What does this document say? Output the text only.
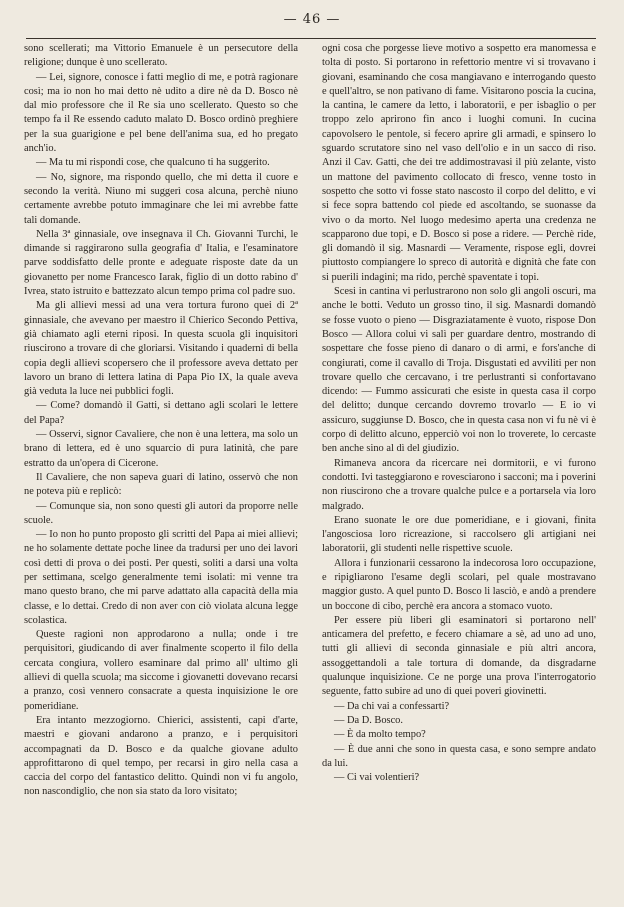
— 46 —

sono scellerati; ma Vittorio Emanuele è un persecutore della religione; dunque è uno scellerato.

— Lei, signore, conosce i fatti meglio di me, e potrà ragionare così; ma io non ho mai detto nè udito a dire nè da D. Bosco nè dal mio professore che il Re sia uno scellerato. Questo so che tempo fa il Re essendo caduto malato D. Bosco ordinò preghiere per la sua guarigione e pel bene dell'anima sua, ed ho pregato anch'io.

— Ma tu mi rispondi cose, che qualcuno ti ha suggerito.

— No, signore, ma rispondo quello, che mi detta il cuore e secondo la verità. Niuno mi suggerì cosa alcuna, perchè niuno certamente avrebbe potuto immaginare che lei mi avrebbe fatte tali domande.

Nella 3ª ginnasiale, ove insegnava il Ch. Giovanni Turchi, le dimande si raggirarono sulla geografia d' Italia, e l'esaminatore parve soddisfatto delle pronte e adeguate risposte date da un giovanetto per nome Francesco Iarak, figlio di un dotto rabino d' Ivrea, stato istruito e battezzato alcun tempo prima col padre suo.

Ma gli allievi messi ad una vera tortura furono quei di 2ª ginnasiale, che avevano per maestro il Chierico Secondo Pettiva, già chiamato agli eterni riposi. In questa scuola gli inquisitori riuscirono a trovare di che gloriarsi. Visitando i quaderni di bella copia degli allievi scopersero che il professore aveva dettato per lavoro un brano di lettera latina di Papa Pio IX, la quale aveva già veduta la luce nei pubblici fogli.

— Come? domandò il Gatti, si dettano agli scolari le lettere del Papa?

— Osservi, signor Cavaliere, che non è una lettera, ma solo un brano di lettera, ed è uno squarcio di pura latinità, che pare estratto da un'opera di Cicerone.

Il Cavaliere, che non sapeva guari di latino, osservò che non ne poteva più e replicò:

— Comunque sia, non sono questi gli autori da proporre nelle scuole.

— Io non ho punto proposto gli scritti del Papa ai miei allievi; ne ho solamente dettate poche linee da tradursi per uno dei lavori così detti di prova o dei posti. Per questi, soliti a darsi una volta per settimana, scelgo generalmente temi isolati: mi venne tra mano questo brano, che mi parve adattato alla capacità della mia classe, e lo dettai. Credo di non aver con ciò violata alcuna legge scolastica.

Queste ragioni non approdarono a nulla; onde i tre perquisitori, giudicando di aver finalmente scoperto il filo della cercata congiura, vollero esaminare dal primo all' ultimo gli allievi di quella scuola; ma siccome i giovanetti dovevano recarsi a pranzo, così vennero consacrate a questa inquisizione le ore pomeridiane.

Era intanto mezzogiorno. Chierici, assistenti, capi d'arte, maestri e giovani andarono a pranzo, e i perquisitori accompagnati da D. Bosco e da qualche giovane adulto approfittarono di quel tempo, per recarsi in giro nella casa a caccia del corpo del fantastico delitto. Quindi non vi fu angolo, non nascondiglio, che non sia stato da loro visitato;

ogni cosa che porgesse lieve motivo a sospetto era manomessa e tolta di posto. Si portarono in refettorio mentre vi si trovavano i giovani, esaminando che cosa mangiavano e interrogando questo e quell'altro, se non pativano di fame. Visitarono poscia la cucina, la cantina, le camere da letto, i laboratorii, e per isbaglio o per troppo zelo aprirono fin anco i luoghi comuni. In cucina capovolsero le pentole, si fecero aprire gli armadi, e spinsero lo sguardo scrutatore sino nel vaso dell'olio e in un sacco di riso. Anzi il Cav. Gatti, che dei tre addimostravasi il più zelante, visto un mattone del pavimento collocato di fresco, venne tosto in sospetto che sotto vi fosse stato nascosto il corpo del delitto, e vi si fece sopra battendo col piede ed ascoltando, se suonasse da vivo o da morto. Nel luogo medesimo aperta una credenza ne scapparono due topi, e D. Bosco si pose a ridere. — Perchè ride, gli domandò il sig. Masnardi — Veramente, rispose egli, dovrei piuttosto compiangere lo spreco di autorità e dignità che fate con si puerili indagini; ma rido, perchè spaventate i topi.

Scesi in cantina vi perlustrarono non solo gli angoli oscuri, ma anche le botti. Veduto un grosso tino, il sig. Masnardi domandò se fosse vuoto o pieno — Disgraziatamente è vuoto, rispose Don Bosco — Allora colui vi salì per guardare dentro, mostrando di sospettare che fosse pieno di danaro o di armi, e fors'anche di congiurati, come il cavallo di Troja. Disgustati ed avviliti per non trovare quello che cercavano, i tre perlustranti si confortavano dicendo: — Fummo assicurati che esiste in questa casa il corpo del delitto; dunque cercando dovremo trovarlo — E io vi assicuro, suggiunse D. Bosco, che in questa casa non vi fu nè vi è corpo di delitto alcuno, epperciò voi non lo troverete, lo cercaste ben anche sino al dì del giudizio.

Rimaneva ancora da ricercare nei dormitorii, e vi furono condotti. Ivi tasteggiarono e rovesciarono i sacconi; ma i poverini non riuscirono che a trovare qualche pulce e a portarsela via loro malgrado.

Erano suonate le ore due pomeridiane, e i giovani, finita l'angosciosa loro ricreazione, si raccolsero gli artigiani nei laboratorii, gli studenti nelle rispettive scuole.

Allora i funzionarii cessarono la indecorosa loro occupazione, e ripigliarono l'esame degli scolari, pel quale mostravano maggior gusto. A quel punto D. Bosco li lasciò, e andò a prendere un boccone di cibo, perchè era ancora a stomaco vuoto.

Per essere più liberi gli esaminatori si portarono nell' anticamera del prefetto, e fecero chiamare a sè, ad uno ad uno, tutti gli allievi di seconda ginnasiale e più altri ancora, assoggettandoli a tale tortura di domande, da disgradarne qualunque inquisizione. Ce ne porge una prova l'interrogatorio seguente, fatto subire ad uno di quei poveri giovinetti.

— Da chi vai a confessarti?

— Da D. Bosco.

— È da molto tempo?

— È due anni che sono in questa casa, e sono sempre andato da lui.

— Ci vai volentieri?
